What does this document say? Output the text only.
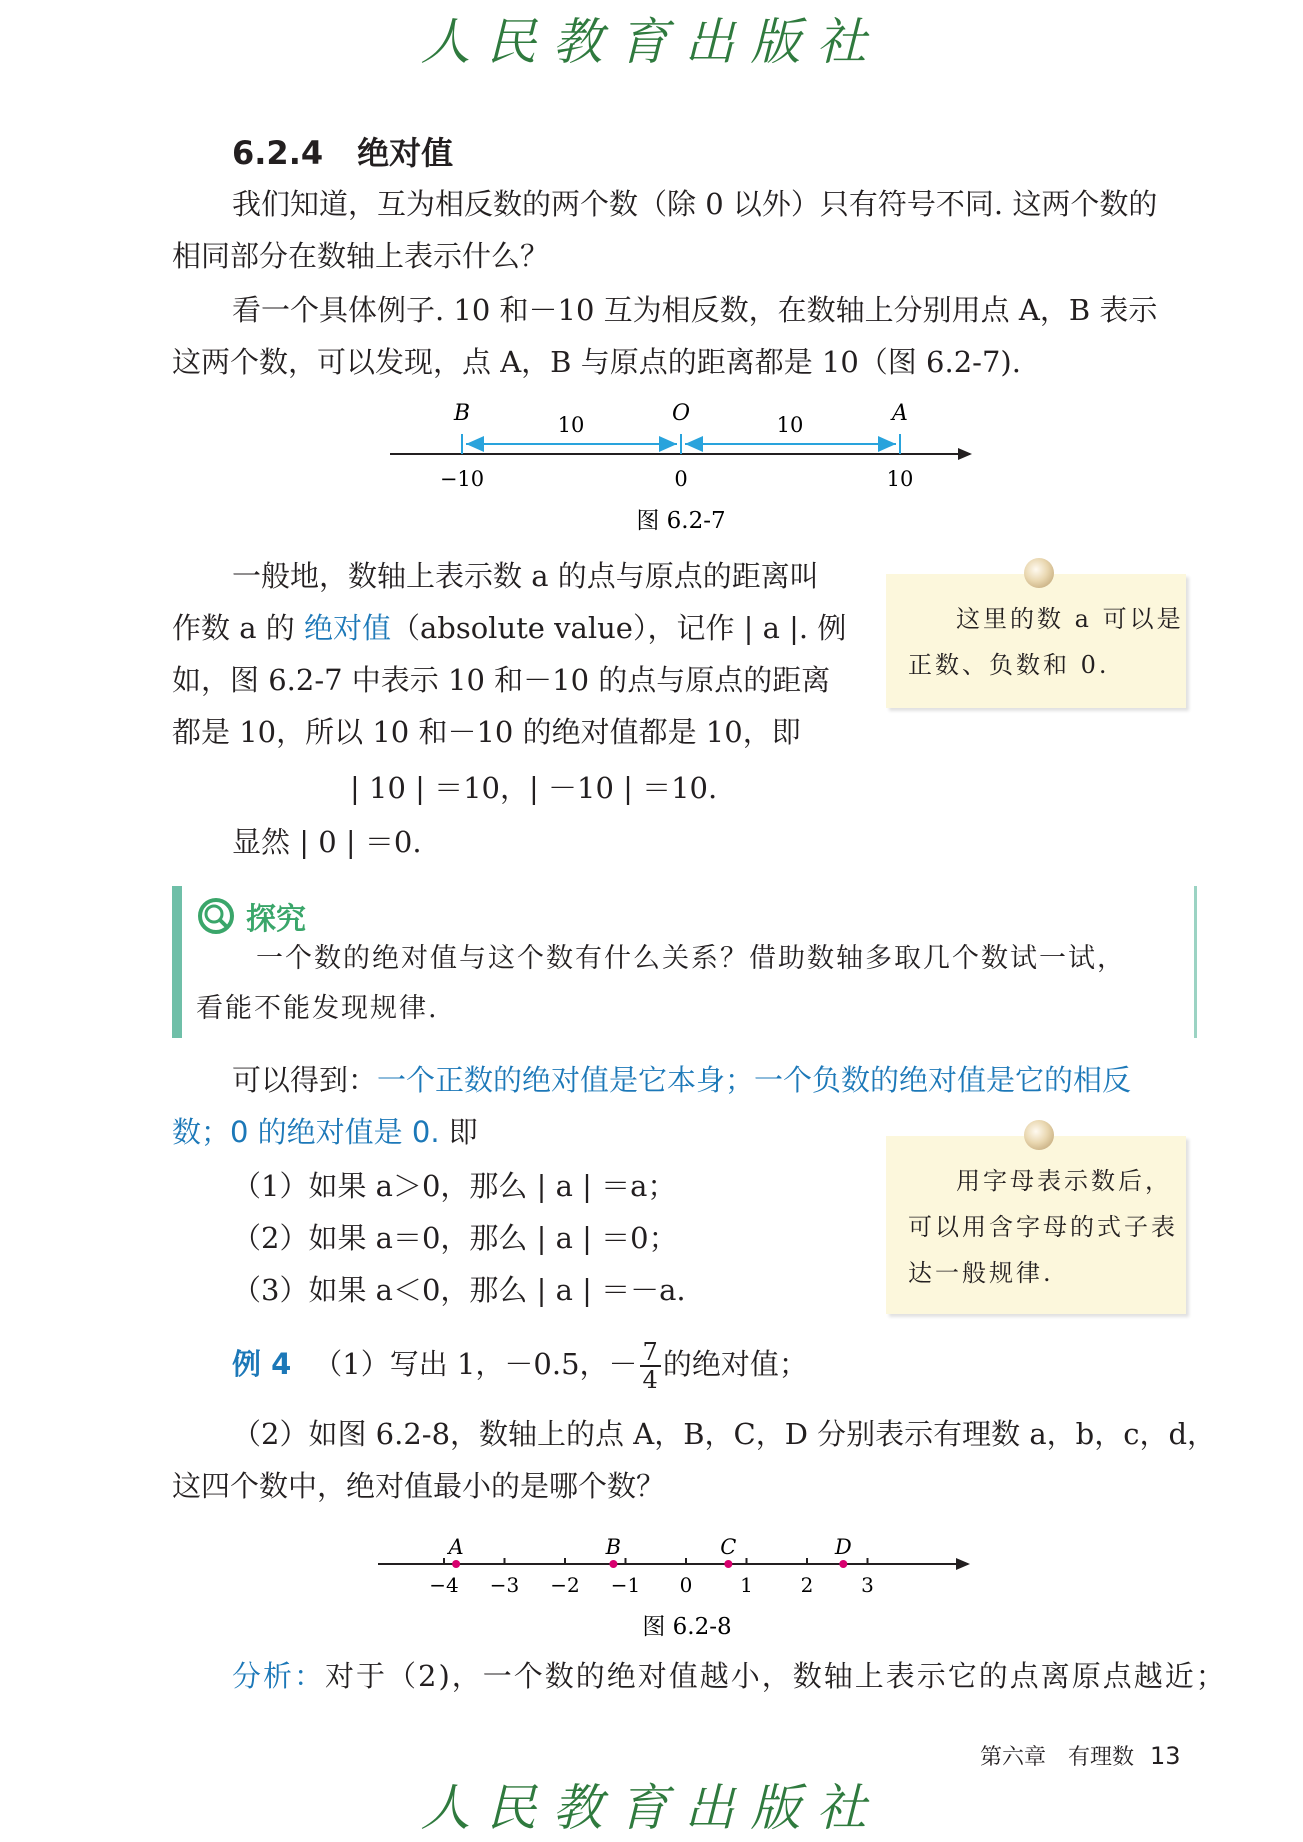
人民教育出版社
6.2.4 绝对值
我们知道，互为相反数的两个数（除 0 以外）只有符号不同. 这两个数的
相同部分在数轴上表示什么？
看一个具体例子. 10 和－10 互为相反数，在数轴上分别用点 A，B 表示
这两个数，可以发现，点 A，B 与原点的距离都是 10（图 6.2-7).
B	O	A
10	10
−10	0	10
图 6.2-7
一般地，数轴上表示数 a 的点与原点的距离叫
作数 a 的 绝对值（absolute value），记作 | a |. 例
如，图 6.2-7 中表示 10 和－10 的点与原点的距离
都是 10，所以 10 和－10 的绝对值都是 10，即
| 10 | ＝10，| －10 | ＝10.
显然 | 0 | ＝0.
这里的数 a 可以是
正数、负数和 0.
探究
一个数的绝对值与这个数有什么关系？借助数轴多取几个数试一试，
看能不能发现规律.
可以得到：一个正数的绝对值是它本身；一个负数的绝对值是它的相反
数；0 的绝对值是 0. 即
（1）如果 a＞0，那么 | a | ＝a；
（2）如果 a＝0，那么 | a | ＝0；
（3）如果 a＜0，那么 | a | ＝－a.
用字母表示数后，
可以用含字母的式子表
达一般规律.
例 4 （1）写出 1，－0.5，－ $\frac{7}{4}$ 的绝对值；
（2）如图 6.2-8，数轴上的点 A，B，C，D 分别表示有理数 a，b，c，d，
这四个数中，绝对值最小的是哪个数？
−4 −3 −2 −1 0 1 2 3
A	B	C	D
图 6.2-8
分析：对于（2)，一个数的绝对值越小，数轴上表示它的点离原点越近；
第六章　有理数 13
人民教育出版社
